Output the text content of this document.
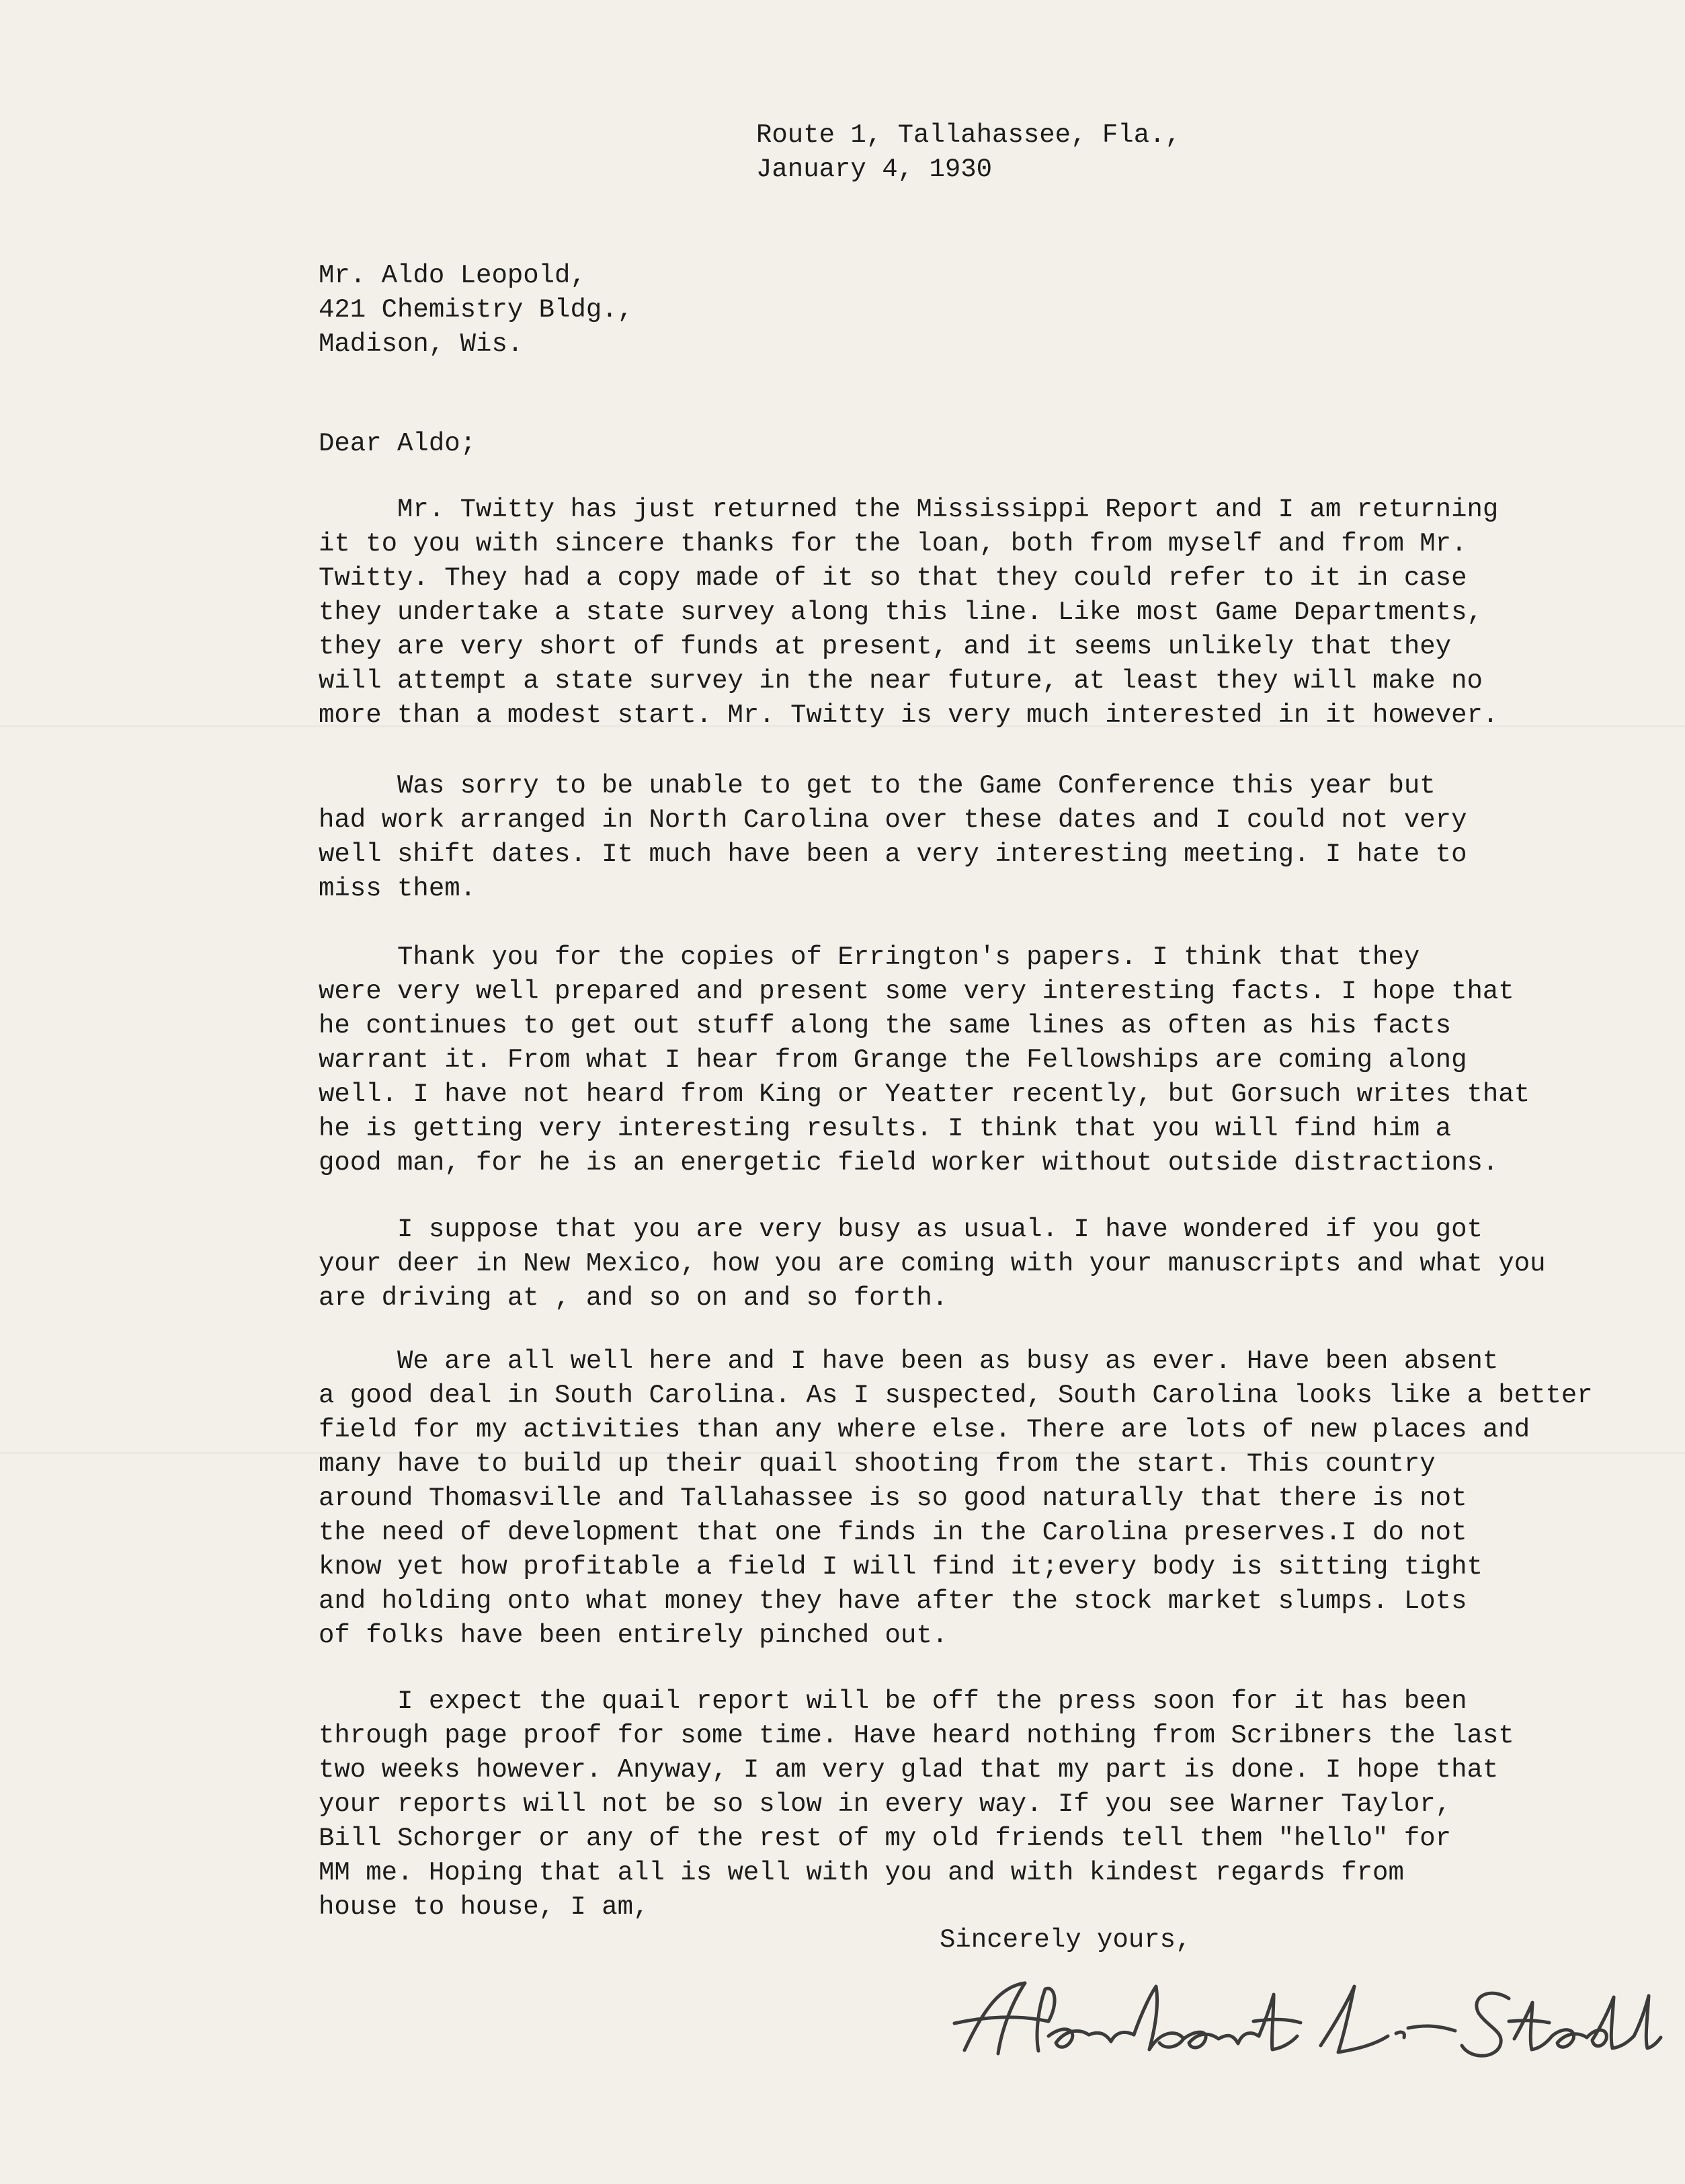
Route 1, Tallahassee, Fla.,
January 4, 1930
Mr. Aldo Leopold,
421 Chemistry Bldg.,
Madison, Wis.
Dear Aldo;
Mr. Twitty has just returned the Mississippi Report and I am returning
it to you with sincere thanks for the loan, both from myself and from Mr.
Twitty. They had a copy made of it so that they could refer to it in case
they undertake a state survey along this line. Like most Game Departments,
they are very short of funds at present, and it seems unlikely that they
will attempt a state survey in the near future, at least they will make no
more than a modest start. Mr. Twitty is very much interested in it however.
Was sorry to be unable to get to the Game Conference this year but
had work arranged in North Carolina over these dates and I could not very
well shift dates. It much have been a very interesting meeting. I hate to
miss them.
Thank you for the copies of Errington's papers. I think that they
were very well prepared and present some very interesting facts. I hope that
he continues to get out stuff along the same lines as often as his facts
warrant it. From what I hear from Grange the Fellowships are coming along
well. I have not heard from King or Yeatter recently, but Gorsuch writes that
he is getting very interesting results. I think that you will find him a
good man, for he is an energetic field worker without outside distractions.
I suppose that you are very busy as usual. I have wondered if you got
your deer in New Mexico, how you are coming with your manuscripts and what you
are driving at , and so on and so forth.
We are all well here and I have been as busy as ever. Have been absent
a good deal in South Carolina. As I suspected, South Carolina looks like a better
field for my activities than any where else. There are lots of new places and
many have to build up their quail shooting from the start. This country
around Thomasville and Tallahassee is so good naturally that there is not
the need of development that one finds in the Carolina preserves.I do not
know yet how profitable a field I will find it;every body is sitting tight
and holding onto what money they have after the stock market slumps. Lots
of folks have been entirely pinched out.
I expect the quail report will be off the press soon for it has been
through page proof for some time. Have heard nothing from Scribners the last
two weeks however. Anyway, I am very glad that my part is done. I hope that
your reports will not be so slow in every way. If you see Warner Taylor,
Bill Schorger or any of the rest of my old friends tell them "hello" for
MM me. Hoping that all is well with you and with kindest regards from
house to house, I am,
Sincerely yours,
